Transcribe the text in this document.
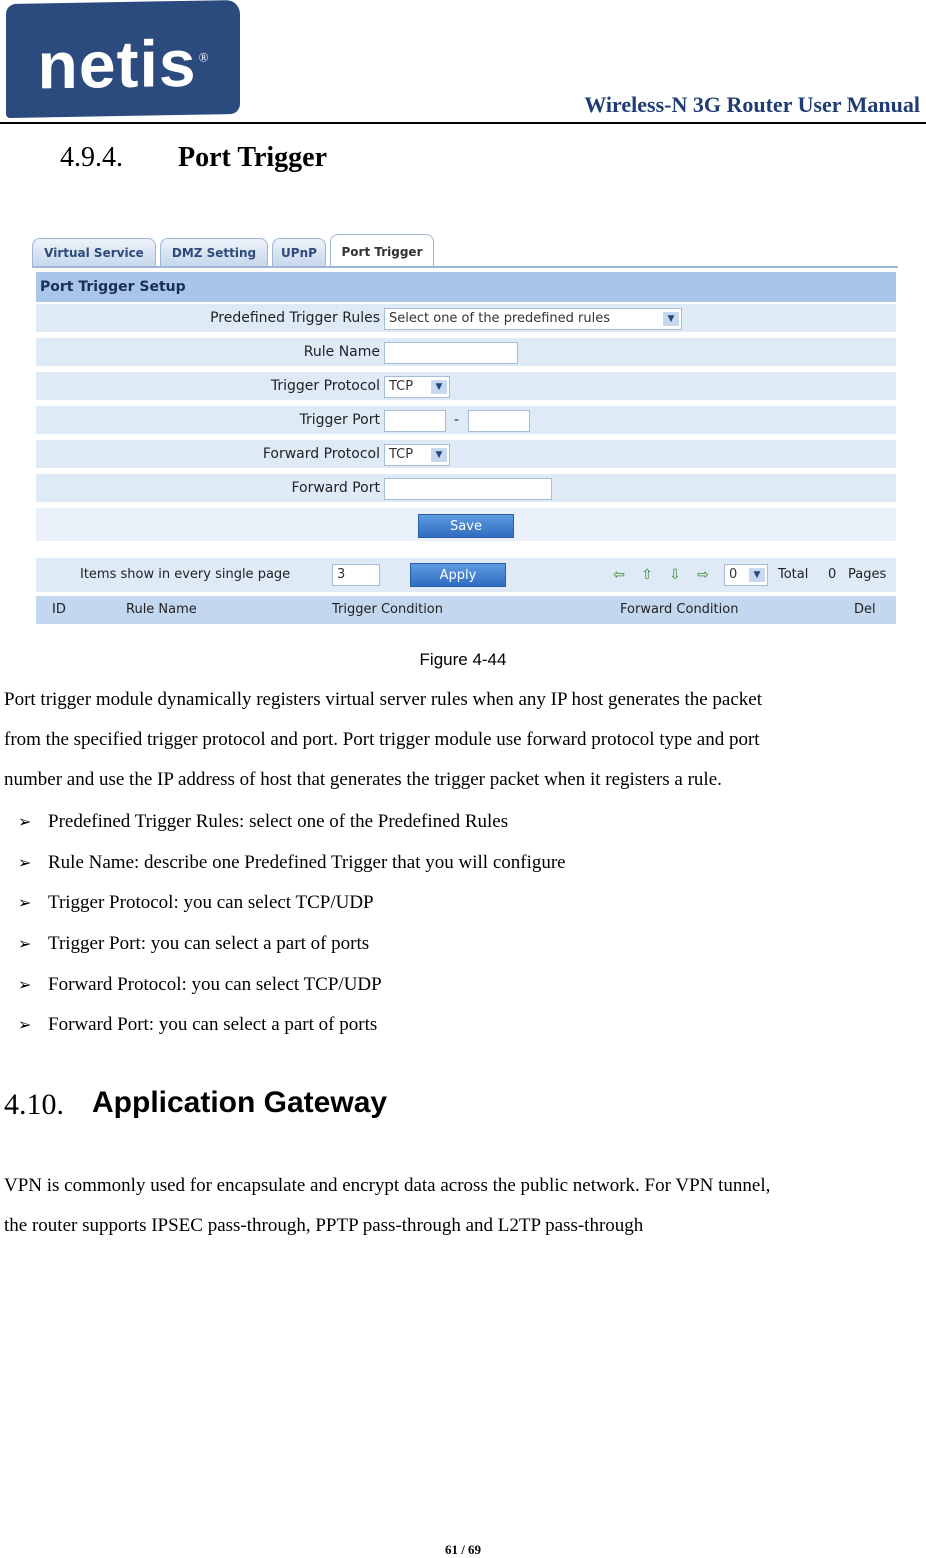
netis ®
Wireless-N 3G Router User Manual
4.9.4. Port Trigger
Virtual Service	DMZ Setting	UPnP	Port Trigger
Port Trigger Setup
Predefined Trigger Rules Select one of the predefined rules	▼
Rule Name
Trigger Protocol TCP	▼
Trigger Port	-
Forward Protocol TCP	▼
Forward Port
Save
Items show in every single page	3	Apply	⇦ ⇧ ⇩ ⇨	0	▼	Total 0 Pages
ID	Rule Name	Trigger Condition	Forward Condition	Del
Figure 4-44
Port trigger module dynamically registers virtual server rules when any IP host generates the packet
from the specified trigger protocol and port. Port trigger module use forward protocol type and port
number and use the IP address of host that generates the trigger packet when it registers a rule.
➢ Predefined Trigger Rules: select one of the Predefined Rules
➢ Rule Name: describe one Predefined Trigger that you will configure
➢ Trigger Protocol: you can select TCP/UDP
➢ Trigger Port: you can select a part of ports
➢ Forward Protocol: you can select TCP/UDP
➢ Forward Port: you can select a part of ports
4.10. Application Gateway
VPN is commonly used for encapsulate and encrypt data across the public network. For VPN tunnel,
the router supports IPSEC pass-through, PPTP pass-through and L2TP pass-through
61 / 69
